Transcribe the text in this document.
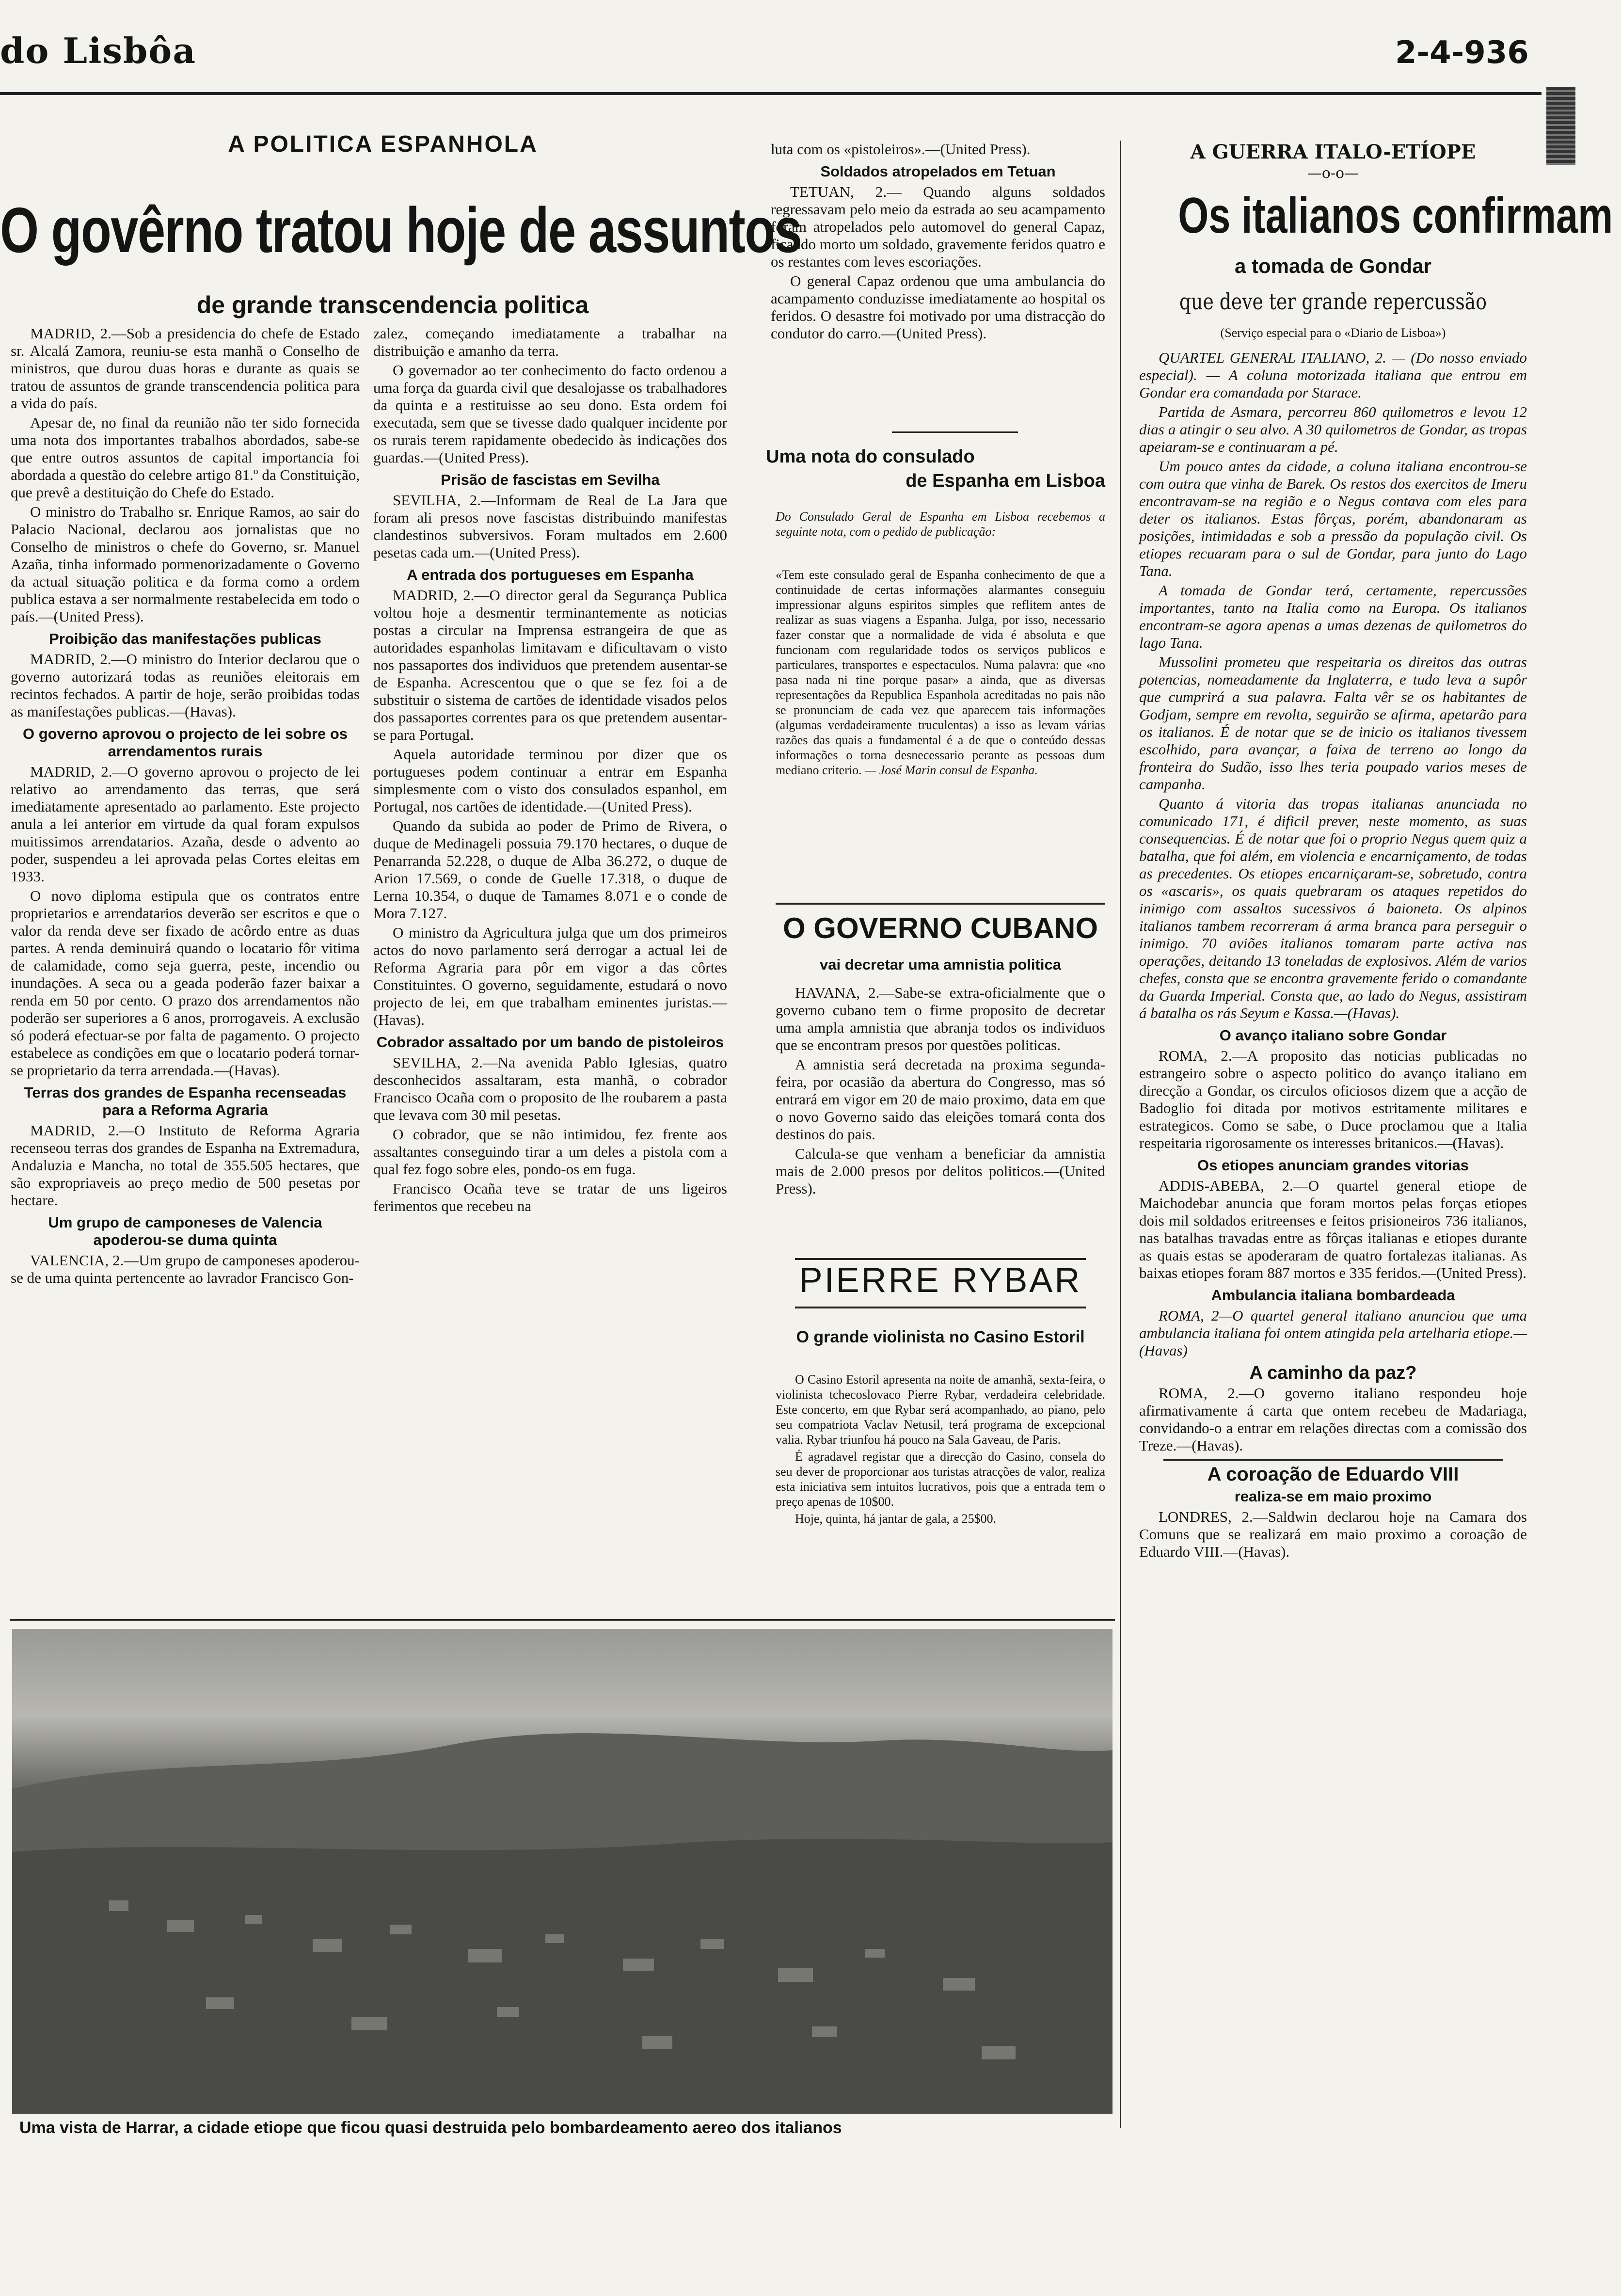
do Lisbôa	2-4-936
A POLITICA ESPANHOLA
O govêrno tratou hoje de assuntos
de grande transcendencia politica

MADRID, 2.—Sob a presidencia do chefe de Estado sr. Alcalá Zamora, reuniu-se esta manhã o Conselho de ministros, que durou duas horas e durante as quais se tratou de assuntos de grande transcendencia politica para a vida do país.

Apesar de, no final da reunião não ter sido fornecida uma nota dos importantes trabalhos abordados, sabe-se que entre outros assuntos de capital importancia foi abordada a questão do celebre artigo 81.º da Constituição, que prevê a destituição do Chefe do Estado.

O ministro do Trabalho sr. Enrique Ramos, ao sair do Palacio Nacional, declarou aos jornalistas que no Conselho de ministros o chefe do Governo, sr. Manuel Azaña, tinha informado pormenorizadamente o Governo da actual situação politica e da forma como a ordem publica estava a ser normalmente restabelecida em todo o país.—(United Press).

Proibição das manifestações publicas

MADRID, 2.—O ministro do Interior declarou que o governo autorizará todas as reuniões eleitorais em recintos fechados. A partir de hoje, serão proibidas todas as manifestações publicas.—(Havas).

O governo aprovou o projecto de lei sobre os arrendamentos rurais

MADRID, 2.—O governo aprovou o projecto de lei relativo ao arrendamento das terras, que será imediatamente apresentado ao parlamento. Este projecto anula a lei anterior em virtude da qual foram expulsos muitissimos arrendatarios. Azaña, desde o advento ao poder, suspendeu a lei aprovada pelas Cortes eleitas em 1933.

O novo diploma estipula que os contratos entre proprietarios e arrendatarios deverão ser escritos e que o valor da renda deve ser fixado de acôrdo entre as duas partes. A renda deminuirá quando o locatario fôr vitima de calamidade, como seja guerra, peste, incendio ou inundações. A seca ou a geada poderão fazer baixar a renda em 50 por cento. O prazo dos arrendamentos não poderão ser superiores a 6 anos, prorrogaveis. A exclusão só poderá efectuar-se por falta de pagamento. O projecto estabelece as condições em que o locatario poderá tornar-se proprietario da terra arrendada.—(Havas).

Terras dos grandes de Espanha recenseadas para a Reforma Agraria

MADRID, 2.—O Instituto de Reforma Agraria recenseou terras dos grandes de Espanha na Extremadura, Andaluzia e Mancha, no total de 355.505 hectares, que são expropriaveis ao preço medio de 500 pesetas por hectare.

Um grupo de camponeses de Valencia apoderou-se duma quinta

VALENCIA, 2.—Um grupo de camponeses apoderou-se de uma quinta pertencente ao lavrador Francisco Gon-

zalez, começando imediatamente a trabalhar na distribuição e amanho da terra.

O governador ao ter conhecimento do facto ordenou a uma força da guarda civil que desalojasse os trabalhadores da quinta e a restituisse ao seu dono. Esta ordem foi executada, sem que se tivesse dado qualquer incidente por os rurais terem rapidamente obedecido às indicações dos guardas.—(United Press).

Prisão de fascistas em Sevilha

SEVILHA, 2.—Informam de Real de La Jara que foram ali presos nove fascistas distribuindo manifestas clandestinos subversivos. Foram multados em 2.600 pesetas cada um.—(United Press).

A entrada dos portugueses em Espanha

MADRID, 2.—O director geral da Segurança Publica voltou hoje a desmentir terminantemente as noticias postas a circular na Imprensa estrangeira de que as autoridades espanholas limitavam e dificultavam o visto nos passaportes dos individuos que pretendem ausentar-se de Espanha. Acrescentou que o que se fez foi a de substituir o sistema de cartões de identidade visados pelos dos passaportes correntes para os que pretendem ausentar-se para Portugal.

Aquela autoridade terminou por dizer que os portugueses podem continuar a entrar em Espanha simplesmente com o visto dos consulados espanhol, em Portugal, nos cartões de identidade.—(United Press).

Quando da subida ao poder de Primo de Rivera, o duque de Medinageli possuia 79.170 hectares, o duque de Penarranda 52.228, o duque de Alba 36.272, o duque de Arion 17.569, o conde de Guelle 17.318, o duque de Lerna 10.354, o duque de Tamames 8.071 e o conde de Mora 7.127.

O ministro da Agricultura julga que um dos primeiros actos do novo parlamento será derrogar a actual lei de Reforma Agraria para pôr em vigor a das côrtes Constituintes. O governo, seguidamente, estudará o novo projecto de lei, em que trabalham eminentes juristas.—(Havas).

Cobrador assaltado por um bando de pistoleiros

SEVILHA, 2.—Na avenida Pablo Iglesias, quatro desconhecidos assaltaram, esta manhã, o cobrador Francisco Ocaña com o proposito de lhe roubarem a pasta que levava com 30 mil pesetas.

O cobrador, que se não intimidou, fez frente aos assaltantes conseguindo tirar a um deles a pistola com a qual fez fogo sobre eles, pondo-os em fuga.

Francisco Ocaña teve se tratar de uns ligeiros ferimentos que recebeu na

luta com os «pistoleiros».—(United Press).

Soldados atropelados em Tetuan

TETUAN, 2.— Quando alguns soldados regressavam pelo meio da estrada ao seu acampamento foram atropelados pelo automovel do general Capaz, ficando morto um soldado, gravemente feridos quatro e os restantes com leves escoriações.

O general Capaz ordenou que uma ambulancia do acampamento conduzisse imediatamente ao hospital os feridos. O desastre foi motivado por uma distracção do condutor do carro.—(United Press).

Uma nota do consulado
de Espanha em Lisboa
Do Consulado Geral de Espanha em Lisboa recebemos a seguinte nota, com o pedido de publicação:
«Tem este consulado geral de Espanha conhecimento de que a continuidade de certas informações alarmantes conseguiu impressionar alguns espiritos simples que reflitem antes de realizar as suas viagens a Espanha. Julga, por isso, necessario fazer constar que a normalidade de vida é absoluta e que funcionam com regularidade todos os serviços publicos e particulares, transportes e espectaculos. Numa palavra: que «no pasa nada ni tine porque pasar» a ainda, que as diversas representações da Republica Espanhola acreditadas no pais não se pronunciam de cada vez que aparecem tais informações (algumas verdadeiramente truculentas) a isso as levam várias razões das quais a fundamental é a de que o conteúdo dessas informações o torna desnecessario perante as pessoas dum mediano criterio. — José Marin consul de Espanha.
O GOVERNO CUBANO
vai decretar uma amnistia politica

HAVANA, 2.—Sabe-se extra-oficialmente que o governo cubano tem o firme proposito de decretar uma ampla amnistia que abranja todos os individuos que se encontram presos por questões politicas.

A amnistia será decretada na proxima segunda-feira, por ocasião da abertura do Congresso, mas só entrará em vigor em 20 de maio proximo, data em que o novo Governo saido das eleições tomará conta dos destinos do pais.

Calcula-se que venham a beneficiar da amnistia mais de 2.000 presos por delitos politicos.—(United Press).

PIERRE RYBAR
O grande violinista no Casino Estoril

O Casino Estoril apresenta na noite de amanhã, sexta-feira, o violinista tchecoslovaco Pierre Rybar, verdadeira celebridade. Este concerto, em que Rybar será acompanhado, ao piano, pelo seu compatriota Vaclav Netusil, terá programa de excepcional valia. Rybar triunfou há pouco na Sala Gaveau, de Paris.

É agradavel registar que a direcção do Casino, consela do seu dever de proporcionar aos turistas atracções de valor, realiza esta iniciativa sem intuitos lucrativos, pois que a entrada tem o preço apenas de 10$00.

Hoje, quinta, há jantar de gala, a 25$00.

A GUERRA ITALO-ETÍOPE
—o‑o—
Os italianos confirmam
a tomada de Gondar
que deve ter grande repercussão
(Serviço especial para o «Diario de Lisboa»)

QUARTEL GENERAL ITALIANO, 2. — (Do nosso enviado especial). — A coluna motorizada italiana que entrou em Gondar era comandada por Starace.

Partida de Asmara, percorreu 860 quilometros e levou 12 dias a atingir o seu alvo. A 30 quilometros de Gondar, as tropas apeiaram-se e continuaram a pé.

Um pouco antes da cidade, a coluna italiana encontrou-se com outra que vinha de Barek. Os restos dos exercitos de Imeru encontravam-se na região e o Negus contava com eles para deter os italianos. Estas fôrças, porém, abandonaram as posições, intimidadas e sob a pressão da população civil. Os etiopes recuaram para o sul de Gondar, para junto do Lago Tana.

A tomada de Gondar terá, certamente, repercussões importantes, tanto na Italia como na Europa. Os italianos encontram-se agora apenas a umas dezenas de quilometros do lago Tana.

Mussolini prometeu que respeitaria os direitos das outras potencias, nomeadamente da Inglaterra, e tudo leva a supôr que cumprirá a sua palavra. Falta vêr se os habitantes de Godjam, sempre em revolta, seguirão se afirma, apetarão para os italianos. É de notar que se de inicio os italianos tivessem escolhido, para avançar, a faixa de terreno ao longo da fronteira do Sudão, isso lhes teria poupado varios meses de campanha.

Quanto á vitoria das tropas italianas anunciada no comunicado 171, é dificil prever, neste momento, as suas consequencias. É de notar que foi o proprio Negus quem quiz a batalha, que foi além, em violencia e encarniçamento, de todas as precedentes. Os etiopes encarniçaram-se, sobretudo, contra os «ascaris», os quais quebraram os ataques repetidos do inimigo com assaltos sucessivos á baioneta. Os alpinos italianos tambem recorreram á arma branca para perseguir o inimigo. 70 aviões italianos tomaram parte activa nas operações, deitando 13 toneladas de explosivos. Além de varios chefes, consta que se encontra gravemente ferido o comandante da Guarda Imperial. Consta que, ao lado do Negus, assistiram á batalha os rás Seyum e Kassa.—(Havas).

O avanço italiano sobre Gondar

ROMA, 2.—A proposito das noticias publicadas no estrangeiro sobre o aspecto politico do avanço italiano em direcção a Gondar, os circulos oficiosos dizem que a acção de Badoglio foi ditada por motivos estritamente militares e estrategicos. Como se sabe, o Duce proclamou que a Italia respeitaria rigorosamente os interesses britanicos.—(Havas).

Os etiopes anunciam grandes vitorias

ADDIS-ABEBA, 2.—O quartel general etiope de Maichodebar anuncia que foram mortos pelas forças etiopes dois mil soldados eritreenses e feitos prisioneiros 736 italianos, nas batalhas travadas entre as fôrças italianas e etiopes durante as quais estas se apoderaram de quatro fortalezas italianas. As baixas etiopes foram 887 mortos e 335 feridos.—(United Press).

Ambulancia italiana bombardeada

ROMA, 2—O quartel general italiano anunciou que uma ambulancia italiana foi ontem atingida pela artelharia etiope.—(Havas)

A caminho da paz?

ROMA, 2.—O governo italiano respondeu hoje afirmativamente á carta que ontem recebeu de Madariaga, convidando-o a entrar em relações directas com a comissão dos Treze.—(Havas).

A coroação de Eduardo VIII
realiza-se em maio proximo

LONDRES, 2.—Saldwin declarou hoje na Camara dos Comuns que se realizará em maio proximo a coroação de Eduardo VIII.—(Havas).

Uma vista de Harrar, a cidade etiope que ficou quasi destruida pelo bombardeamento aereo dos italianos
